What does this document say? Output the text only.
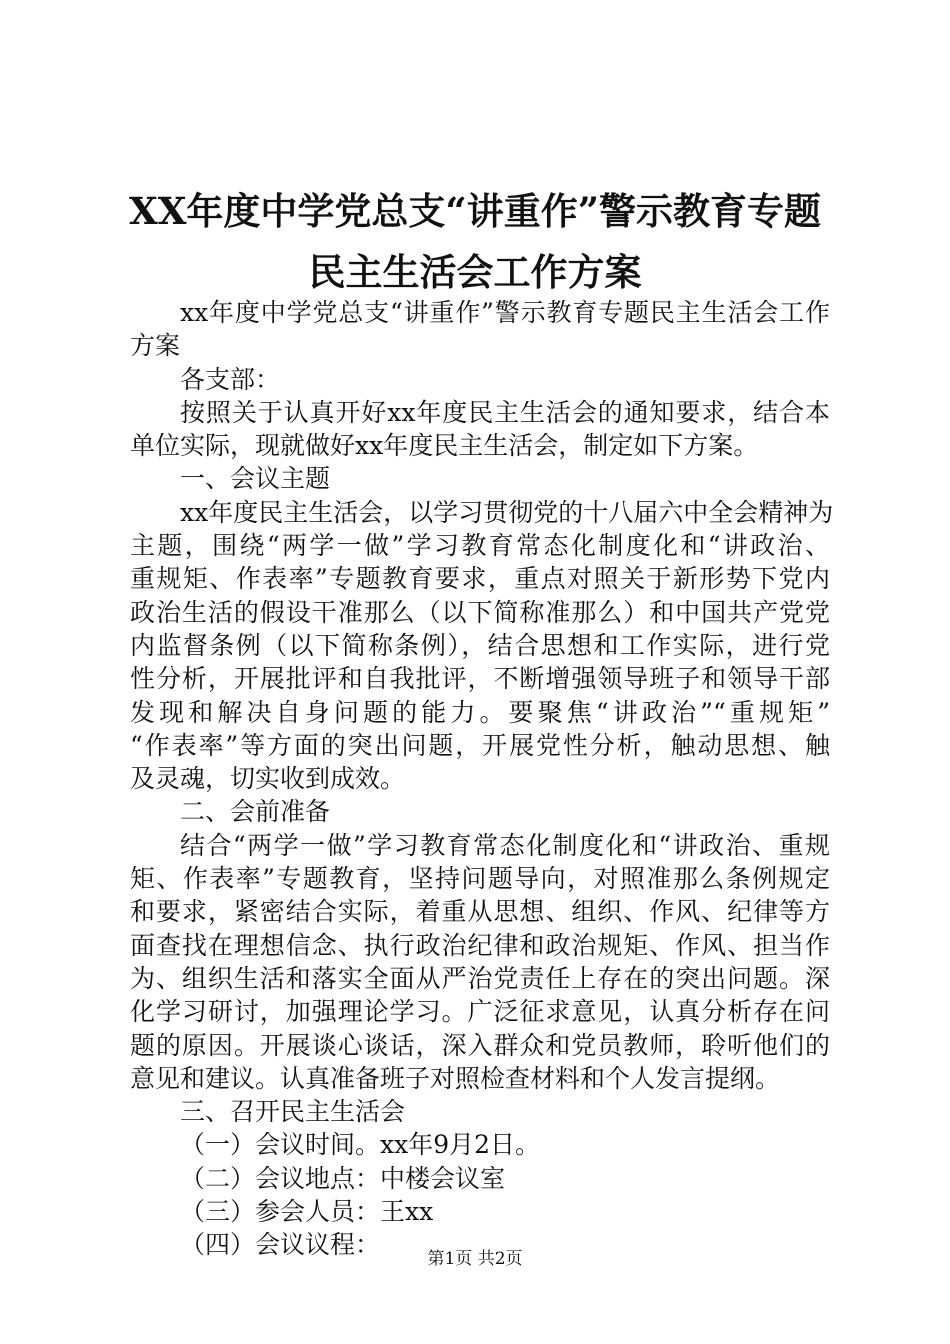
XX年度中学党总支“讲重作”警示教育专题
民主生活会工作方案
xx年度中学党总支“讲重作”警示教育专题民主生活会工作
方案
各支部：
按照关于认真开好xx年度民主生活会的通知要求，结合本
单位实际，现就做好xx年度民主生活会，制定如下方案。
一、会议主题
xx年度民主生活会，以学习贯彻党的十八届六中全会精神为
主题，围绕“两学一做”学习教育常态化制度化和“讲政治、
重规矩、作表率”专题教育要求，重点对照关于新形势下党内
政治生活的假设干准那么（以下简称准那么）和中国共产党党
内监督条例（以下简称条例），结合思想和工作实际，进行党
性分析，开展批评和自我批评，不断增强领导班子和领导干部
发现和解决自身问题的能力。要聚焦“讲政治”“重规矩”
“作表率”等方面的突出问题，开展党性分析，触动思想、触
及灵魂，切实收到成效。
二、会前准备
结合“两学一做”学习教育常态化制度化和“讲政治、重规
矩、作表率”专题教育，坚持问题导向，对照准那么条例规定
和要求，紧密结合实际，着重从思想、组织、作风、纪律等方
面查找在理想信念、执行政治纪律和政治规矩、作风、担当作
为、组织生活和落实全面从严治党责任上存在的突出问题。深
化学习研讨，加强理论学习。广泛征求意见，认真分析存在问
题的原因。开展谈心谈话，深入群众和党员教师，聆听他们的
意见和建议。认真准备班子对照检查材料和个人发言提纲。
三、召开民主生活会
（一）会议时间。xx年9月2日。
（二）会议地点：中楼会议室
（三）参会人员：王xx
（四）会议议程：	第1页 共2页
